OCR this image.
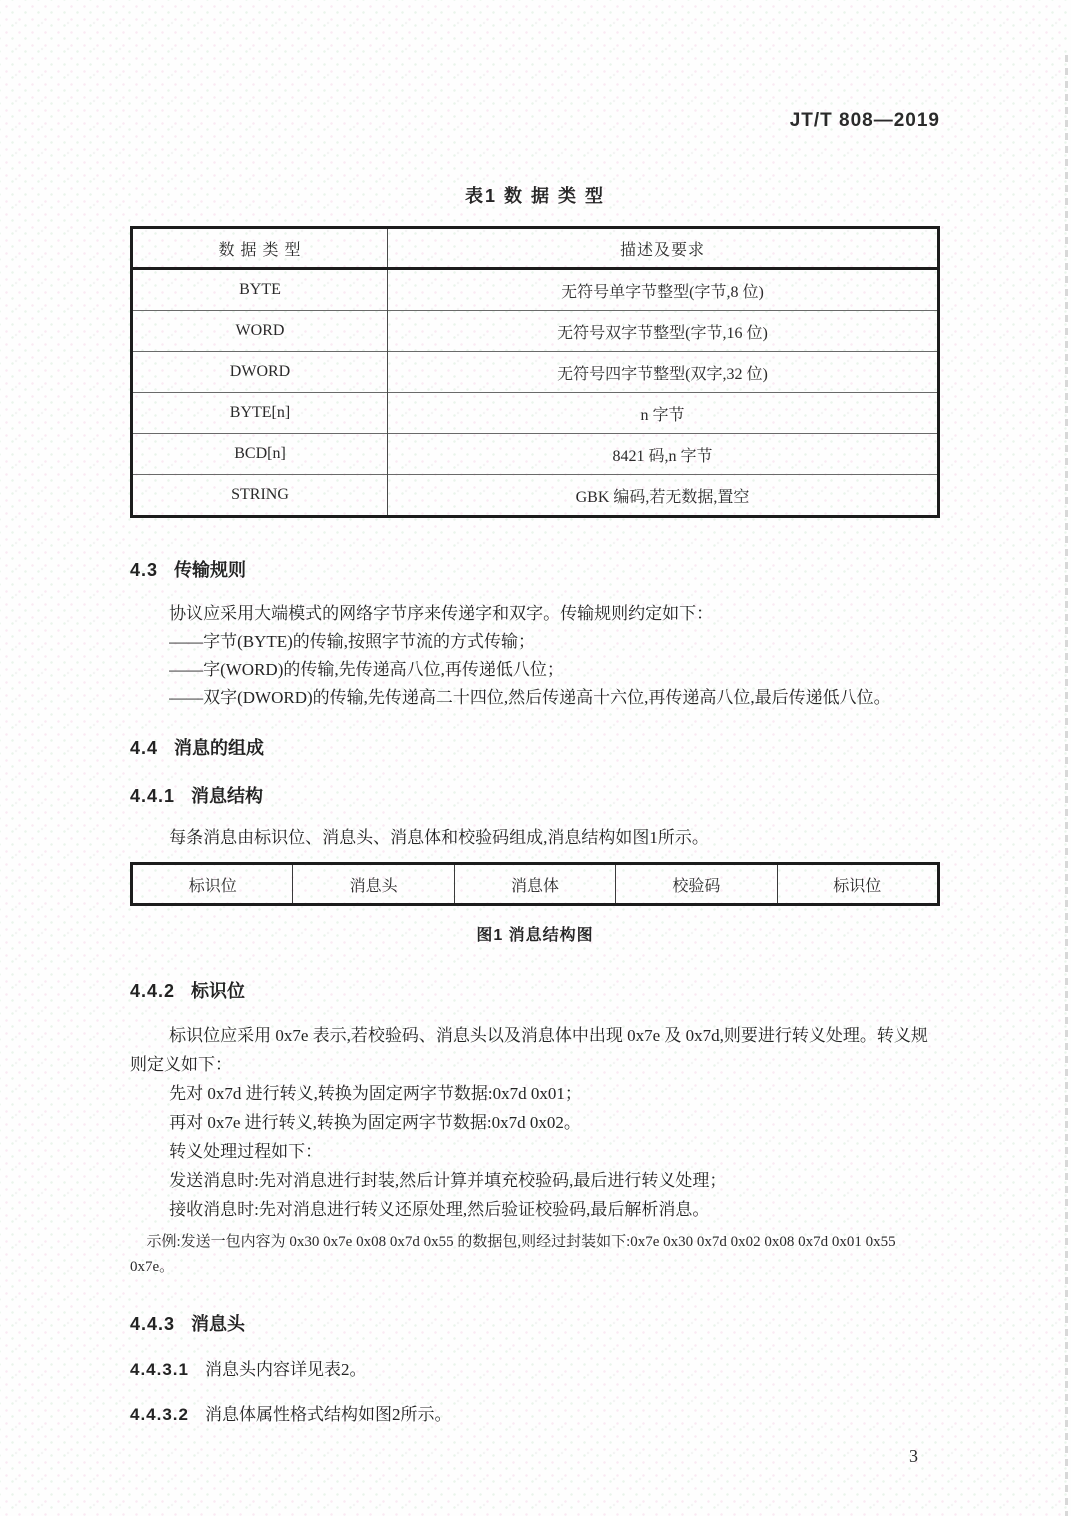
JT/T 808—2019
表1 数 据 类 型
数 据 类 型	描述及要求
BYTE	无符号单字节整型(字节,8 位)
WORD	无符号双字节整型(字节,16 位)
DWORD	无符号四字节整型(双字,32 位)
BYTE[n]	n 字节
BCD[n]	8421 码,n 字节
STRING	GBK 编码,若无数据,置空
4.3 传输规则

协议应采用大端模式的网络字节序来传递字和双字。传输规则约定如下：

——字节(BYTE)的传输,按照字节流的方式传输；

——字(WORD)的传输,先传递高八位,再传递低八位；

——双字(DWORD)的传输,先传递高二十四位,然后传递高十六位,再传递高八位,最后传递低八位。

4.4 消息的组成
4.4.1 消息结构

每条消息由标识位、消息头、消息体和校验码组成,消息结构如图1所示。

标识位	消息头	消息体	校验码	标识位
图1 消息结构图
4.4.2 标识位

标识位应采用 0x7e 表示,若校验码、消息头以及消息体中出现 0x7e 及 0x7d,则要进行转义处理。转义规则定义如下：

先对 0x7d 进行转义,转换为固定两字节数据:0x7d 0x01；

再对 0x7e 进行转义,转换为固定两字节数据:0x7d 0x02。

转义处理过程如下：

发送消息时:先对消息进行封装,然后计算并填充校验码,最后进行转义处理；

接收消息时:先对消息进行转义还原处理,然后验证校验码,最后解析消息。

示例:发送一包内容为 0x30 0x7e 0x08 0x7d 0x55 的数据包,则经过封装如下:0x7e 0x30 0x7d 0x02 0x08 0x7d 0x01 0x55 0x7e。

4.4.3 消息头

4.4.3.1 消息头内容详见表2。

4.4.3.2 消息体属性格式结构如图2所示。

3
